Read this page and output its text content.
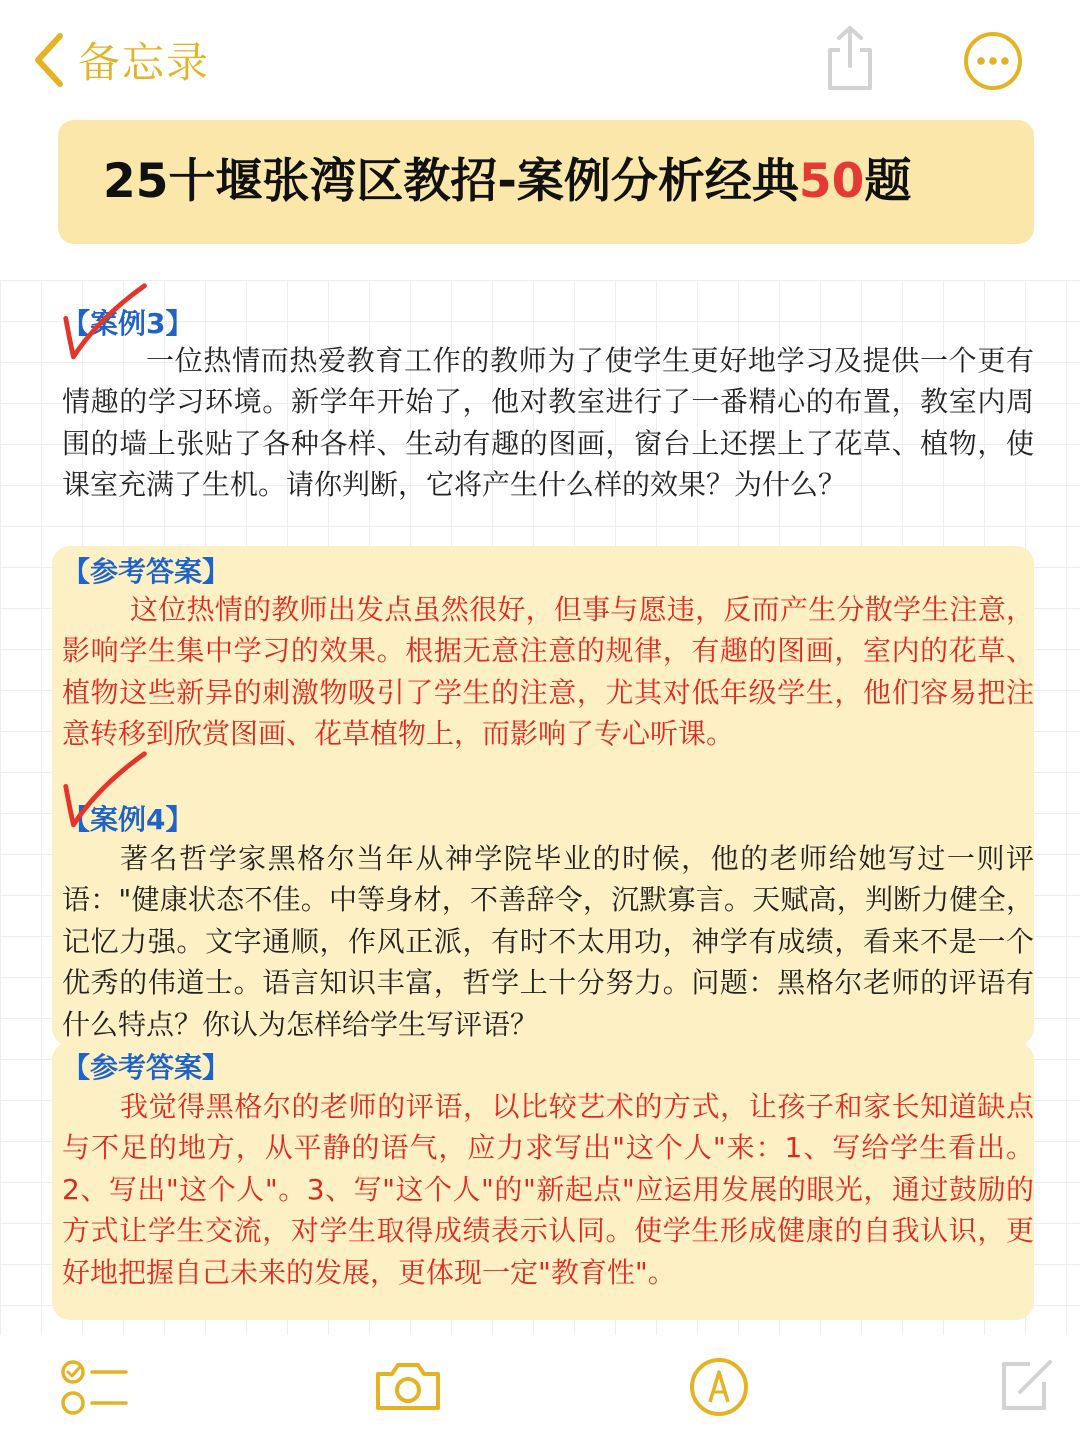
备忘录
25十堰张湾区教招-案例分析经典50题
【案例3】

一位热情而热爱教育工作的教师为了使学生更好地学习及提供一个更有情趣的学习环境。新学年开始了，他对教室进行了一番精心的布置，教室内周围的墙上张贴了各种各样、生动有趣的图画，窗台上还摆上了花草、植物，使课室充满了生机。请你判断，它将产生什么样的效果？为什么？

【参考答案】

这位热情的教师出发点虽然很好，但事与愿违，反而产生分散学生注意，影响学生集中学习的效果。根据无意注意的规律，有趣的图画，室内的花草、植物这些新异的刺激物吸引了学生的注意，尤其对低年级学生，他们容易把注意转移到欣赏图画、花草植物上，而影响了专心听课。

【案例4】

著名哲学家黑格尔当年从神学院毕业的时候，他的老师给她写过一则评语："健康状态不佳。中等身材，不善辞令，沉默寡言。天赋高，判断力健全，记忆力强。文字通顺，作风正派，有时不太用功，神学有成绩，看来不是一个优秀的伟道士。语言知识丰富，哲学上十分努力。问题：黑格尔老师的评语有什么特点？你认为怎样给学生写评语？

【参考答案】

我觉得黑格尔的老师的评语，以比较艺术的方式，让孩子和家长知道缺点与不足的地方，从平静的语气，应力求写出"这个人"来：1、写给学生看出。2、写出"这个人"。3、写"这个人"的"新起点"应运用发展的眼光，通过鼓励的方式让学生交流，对学生取得成绩表示认同。使学生形成健康的自我认识，更好地把握自己未来的发展，更体现一定"教育性"。
